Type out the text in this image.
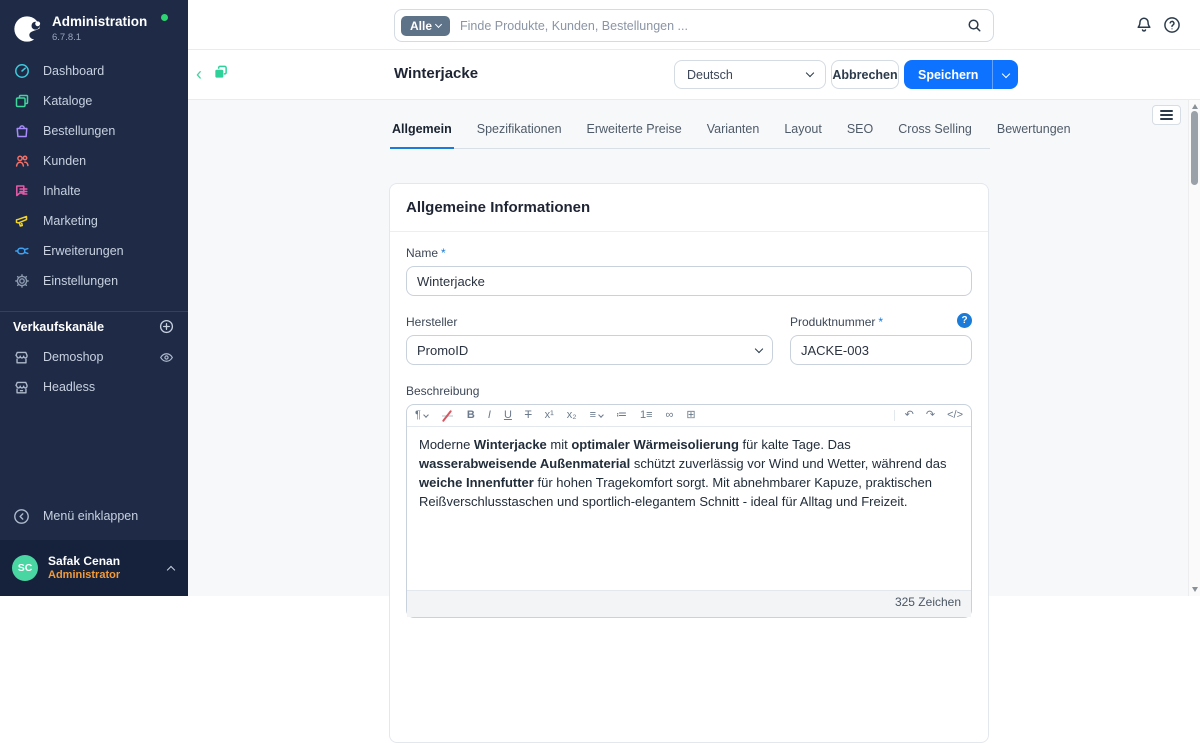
Administration
6.7.8.1
Dashboard
Kataloge
Bestellungen
Kunden
Inhalte
Marketing
Erweiterungen
Einstellungen
Verkaufskanäle
Demoshop
Headless
Menü einklappen
SC
Safak Cenan
Administrator
Alle
Finde Produkte, Kunden, Bestellungen ...
‹	Winterjacke	Deutsch	Abbrechen	Speichern
Allgemein Spezifikationen Erweiterte Preise Varianten Layout SEO Cross Selling Bewertungen
Allgemeine Informationen
Name *
Winterjacke
Hersteller
PromoID
Produktnummer *	?
JACKE-003
Beschreibung
¶	B I U T x¹ x₂ ≡	≔ 1≡ ∞ ⊞	↶ ↷ </>
Moderne Winterjacke mit optimaler Wärmeisolierung für kalte Tage. Das wasserabweisende Außenmaterial schützt zuverlässig vor Wind und Wetter, während das weiche Innenfutter für hohen Tragekomfort sorgt. Mit abnehmbarer Kapuze, praktischen Reißverschlusstaschen und sportlich-elegantem Schnitt - ideal für Alltag und Freizeit.
325 Zeichen
